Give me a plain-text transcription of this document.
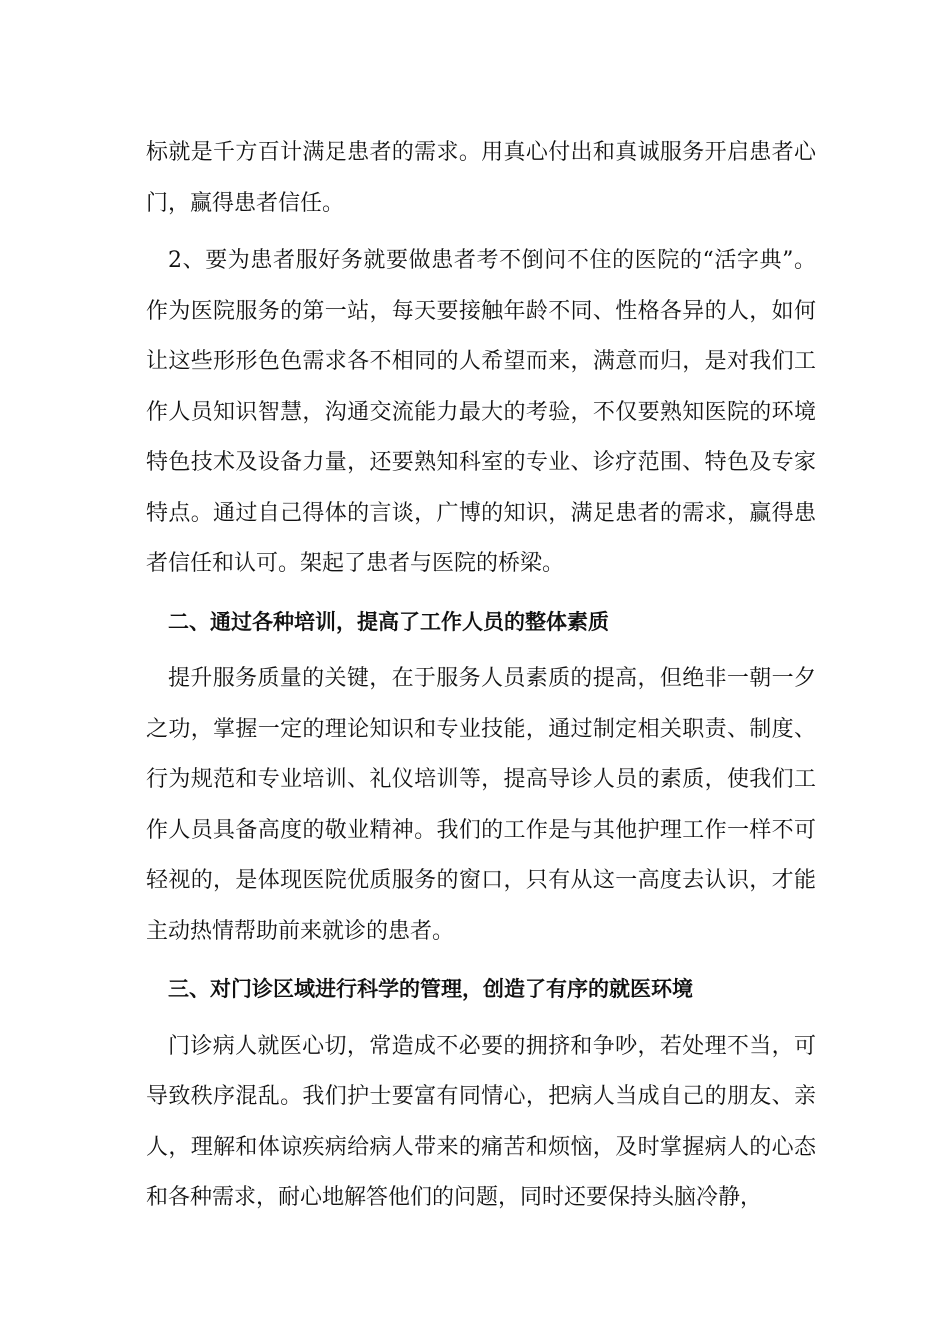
标就是千方百计满足患者的需求。用真心付出和真诚服务开启患者心门，赢得患者信任。

2、要为患者服好务就要做患者考不倒问不住的医院的“活字典”。作为医院服务的第一站，每天要接触年龄不同、性格各异的人，如何让这些形形色色需求各不相同的人希望而来，满意而归，是对我们工作人员知识智慧，沟通交流能力最大的考验，不仅要熟知医院的环境特色技术及设备力量，还要熟知科室的专业、诊疗范围、特色及专家特点。通过自己得体的言谈，广博的知识，满足患者的需求，赢得患者信任和认可。架起了患者与医院的桥梁。

二、通过各种培训，提高了工作人员的整体素质

提升服务质量的关键，在于服务人员素质的提高，但绝非一朝一夕之功，掌握一定的理论知识和专业技能，通过制定相关职责、制度、行为规范和专业培训、礼仪培训等，提高导诊人员的素质，使我们工作人员具备高度的敬业精神。我们的工作是与其他护理工作一样不可轻视的，是体现医院优质服务的窗口，只有从这一高度去认识，才能主动热情帮助前来就诊的患者。

三、对门诊区域进行科学的管理，创造了有序的就医环境

门诊病人就医心切，常造成不必要的拥挤和争吵，若处理不当，可导致秩序混乱。我们护士要富有同情心，把病人当成自己的朋友、亲人，理解和体谅疾病给病人带来的痛苦和烦恼，及时掌握病人的心态和各种需求，耐心地解答他们的问题，同时还要保持头脑冷静，
